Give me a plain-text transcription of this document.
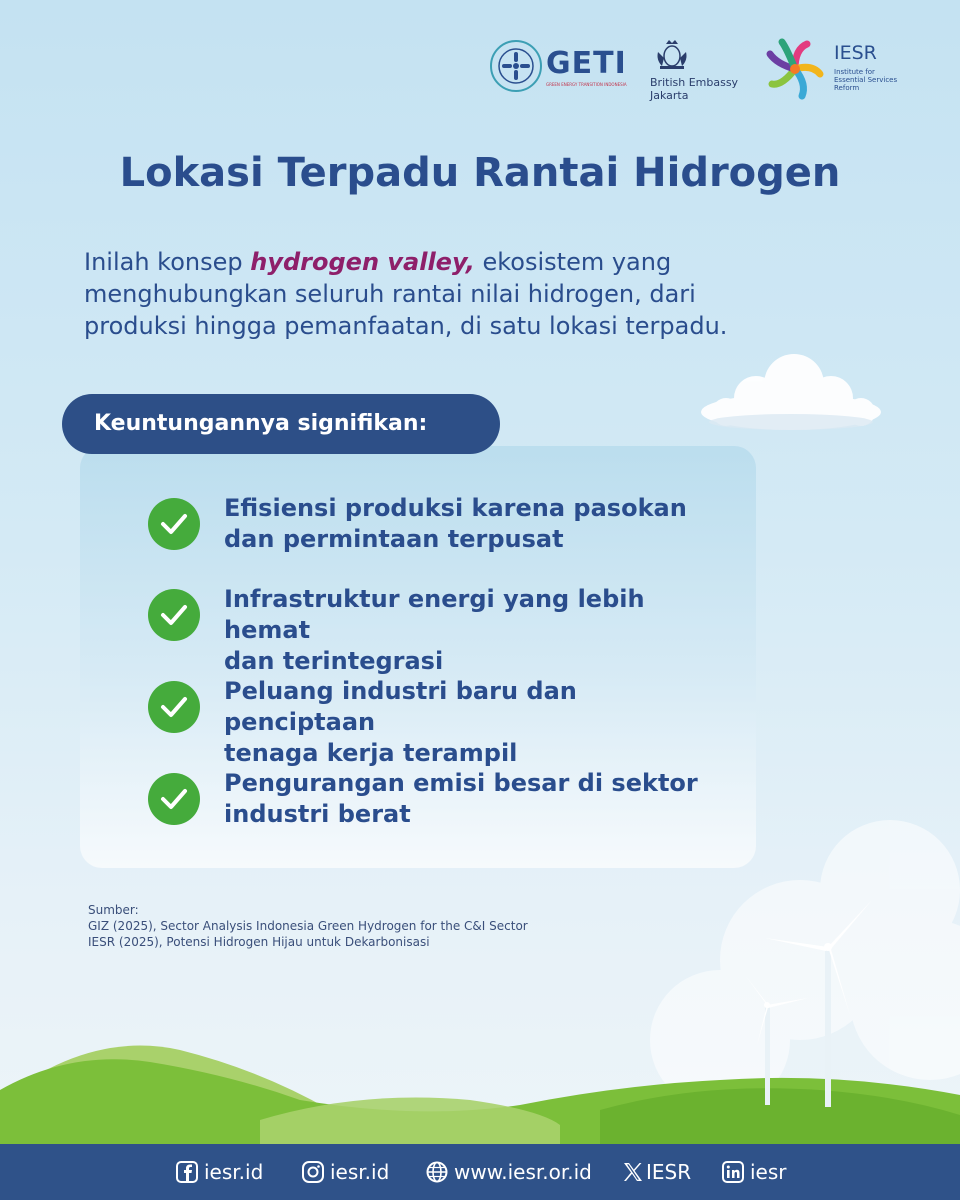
GETI
GREEN ENERGY TRANSITION INDONESIA	British Embassy
Jakarta
IESR
Institute for
Essential Services
Reform
Lokasi Terpadu Rantai Hidrogen
Inilah konsep hydrogen valley, ekosistem yang menghubungkan seluruh rantai nilai hidrogen, dari produksi hingga pemanfaatan, di satu lokasi terpadu.
Keuntungannya signifikan:
Efisiensi produksi karena pasokan
dan permintaan terpusat
Infrastruktur energi yang lebih hemat
dan terintegrasi
Peluang industri baru dan penciptaan
tenaga kerja terampil
Pengurangan emisi besar di sektor
industri berat
Sumber:
GIZ (2025), Sector Analysis Indonesia Green Hydrogen for the C&I Sector
IESR (2025), Potensi Hidrogen Hijau untuk Dekarbonisasi
iesr.id	iesr.id	www.iesr.or.id	IESR	iesr
